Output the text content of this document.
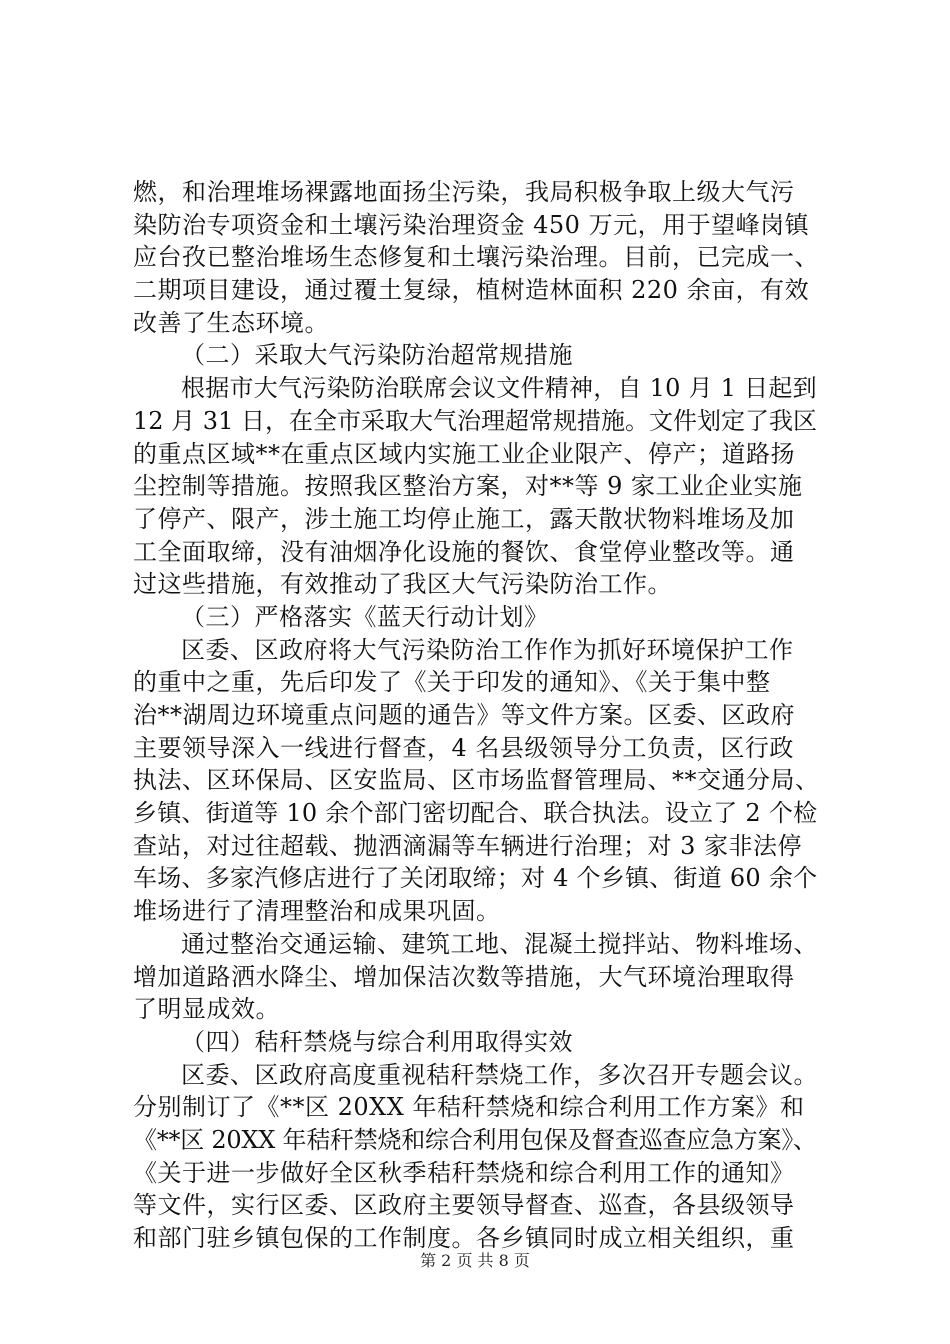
燃，和治理堆场裸露地面扬尘污染，我局积极争取上级大气污
染防治专项资金和土壤污染治理资金 450 万元，用于望峰岗镇
应台孜已整治堆场生态修复和土壤污染治理。目前，已完成一、
二期项目建设，通过覆土复绿，植树造林面积 220 余亩，有效
改善了生态环境。
（二）采取大气污染防治超常规措施
根据市大气污染防治联席会议文件精神，自 10 月 1 日起到
12 月 31 日，在全市采取大气治理超常规措施。文件划定了我区
的重点区域**在重点区域内实施工业企业限产、停产；道路扬
尘控制等措施。按照我区整治方案，对**等 9 家工业企业实施
了停产、限产，涉土施工均停止施工，露天散状物料堆场及加
工全面取缔，没有油烟净化设施的餐饮、食堂停业整改等。通
过这些措施，有效推动了我区大气污染防治工作。
（三）严格落实《蓝天行动计划》
区委、区政府将大气污染防治工作作为抓好环境保护工作
的重中之重，先后印发了《关于印发的通知》、《关于集中整
治**湖周边环境重点问题的通告》等文件方案。区委、区政府
主要领导深入一线进行督查，4 名县级领导分工负责，区行政
执法、区环保局、区安监局、区市场监督管理局、**交通分局、
乡镇、街道等 10 余个部门密切配合、联合执法。设立了 2 个检
查站，对过往超载、抛洒滴漏等车辆进行治理；对 3 家非法停
车场、多家汽修店进行了关闭取缔；对 4 个乡镇、街道 60 余个
堆场进行了清理整治和成果巩固。
通过整治交通运输、建筑工地、混凝土搅拌站、物料堆场、
增加道路洒水降尘、增加保洁次数等措施，大气环境治理取得
了明显成效。
（四）秸秆禁烧与综合利用取得实效
区委、区政府高度重视秸秆禁烧工作，多次召开专题会议。
分别制订了《**区 20XX 年秸秆禁烧和综合利用工作方案》和
《**区 20XX 年秸秆禁烧和综合利用包保及督查巡查应急方案》、
《关于进一步做好全区秋季秸秆禁烧和综合利用工作的通知》
等文件，实行区委、区政府主要领导督查、巡查，各县级领导
和部门驻乡镇包保的工作制度。各乡镇同时成立相关组织，重
第 2 页 共 8 页
